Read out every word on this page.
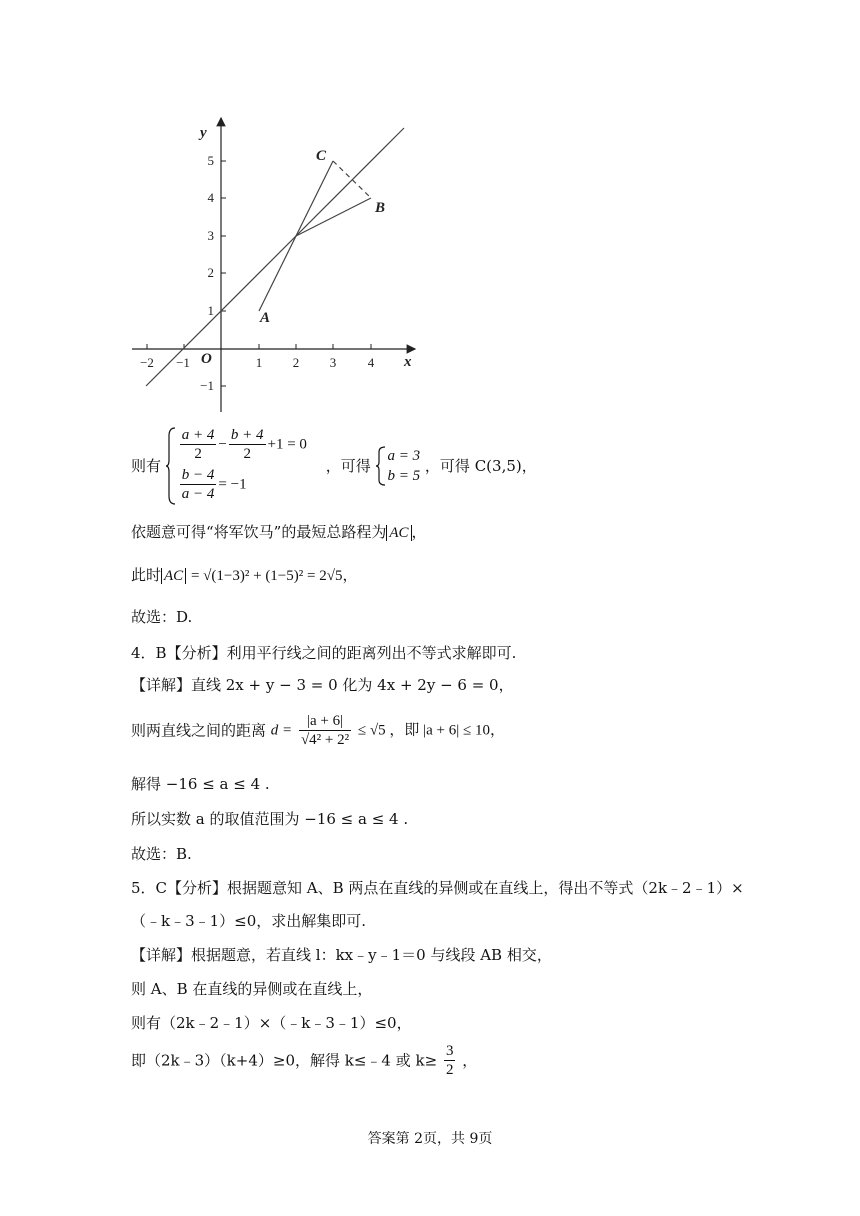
−2 −1	1 2 3 4
−1
1
2
3
4
5
y
x
O
A
B
C
则有
$\frac{a + 4}{2} - \frac{b + 4}{2} +1 = 0$
$\frac{b - 4}{a - 4} = -1$
，可得
a = 3
b = 5
，可得 C(3,5)，
依题意可得“将军饮马”的最短总路程为 AC ，
此时 AC = √(1−3)² + (1−5)² = 2√5，
故选：D.
4．B【分析】利用平行线之间的距离列出不等式求解即可.
【详解】直线 2x + y − 3 = 0 化为 4x + 2y − 6 = 0，
则两直线之间的距离 $d = \frac{|a + 6|}{\text{√4² + 2²}} \le √5$ ，即 |a + 6| ≤ 10，
解得 −16 ≤ a ≤ 4 .
所以实数 a 的取值范围为 −16 ≤ a ≤ 4 .
故选：B.
5．C【分析】根据题意知 A、B 两点在直线的异侧或在直线上，得出不等式（2k﹣2﹣1）×
（﹣k﹣3﹣1）≤0，求出解集即可.
【详解】根据题意，若直线 l：kx﹣y﹣1＝0 与线段 AB 相交，
则 A、B 在直线的异侧或在直线上，
则有（2k﹣2﹣1）×（﹣k﹣3﹣1）≤0，
即（2k﹣3）（k+4）≥0，解得 k≤﹣4 或 $k\ge \frac{3}{2}$ ，
答案第 2页，共 9页
